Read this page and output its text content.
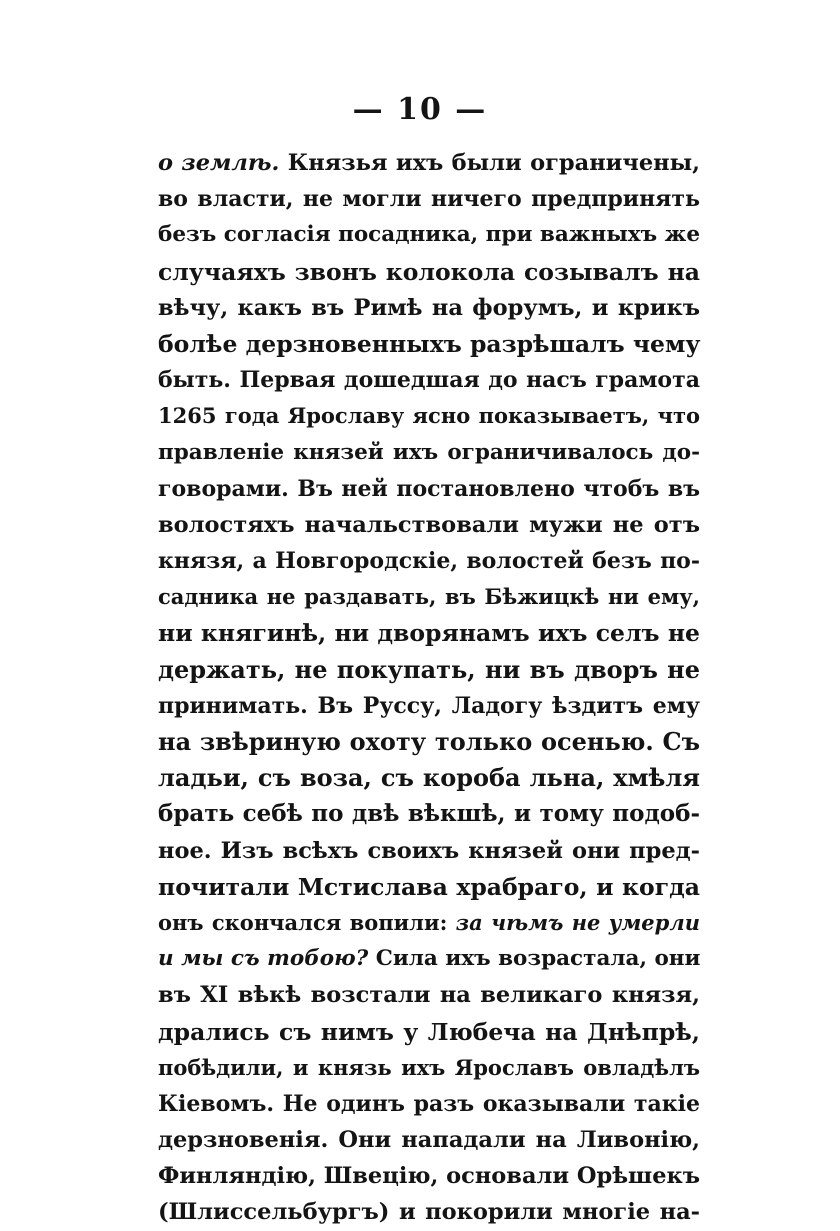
— 10 —
о землѣ. Князья ихъ были ограничены,
во власти, не могли ничего предпринять
безъ согласія посадника, при важныхъ же
случаяхъ звонъ колокола созывалъ на
вѣчу, какъ въ Римѣ на форумъ, и крикъ
болѣе дерзновенныхъ разрѣшалъ чему
быть. Первая дошедшая до насъ грамота
1265 года Ярославу ясно показываетъ, что
правленіе князей ихъ ограничивалось до-
говорами. Въ ней постановлено чтобъ въ
волостяхъ начальствовали мужи не отъ
князя, а Новгородскіе, волостей безъ по-
садника не раздавать, въ Бѣжицкѣ ни ему,
ни княгинѣ, ни дворянамъ ихъ селъ не
держать, не покупать, ни въ дворъ не
принимать. Въ Руссу, Ладогу ѣздитъ ему
на звѣриную охоту только осенью. Съ
ладьи, съ воза, съ короба льна, хмѣля
брать себѣ по двѣ вѣкшѣ, и тому подоб-
ное. Изъ всѣхъ своихъ князей они пред-
почитали Мстислава храбраго, и когда
онъ скончался вопили: за чѣмъ не умерли
и мы съ тобою? Сила ихъ возрастала, они
въ XI вѣкѣ возстали на великаго князя,
дрались съ нимъ у Любеча на Днѣпрѣ,
побѣдили, и князь ихъ Ярославъ овладѣлъ
Кіевомъ. Не одинъ разъ оказывали такіе
дерзновенія. Они нападали на Ливонію,
Финляндію, Швецію, основали Орѣшекъ
(Шлиссельбургъ) и покорили многіе на-
